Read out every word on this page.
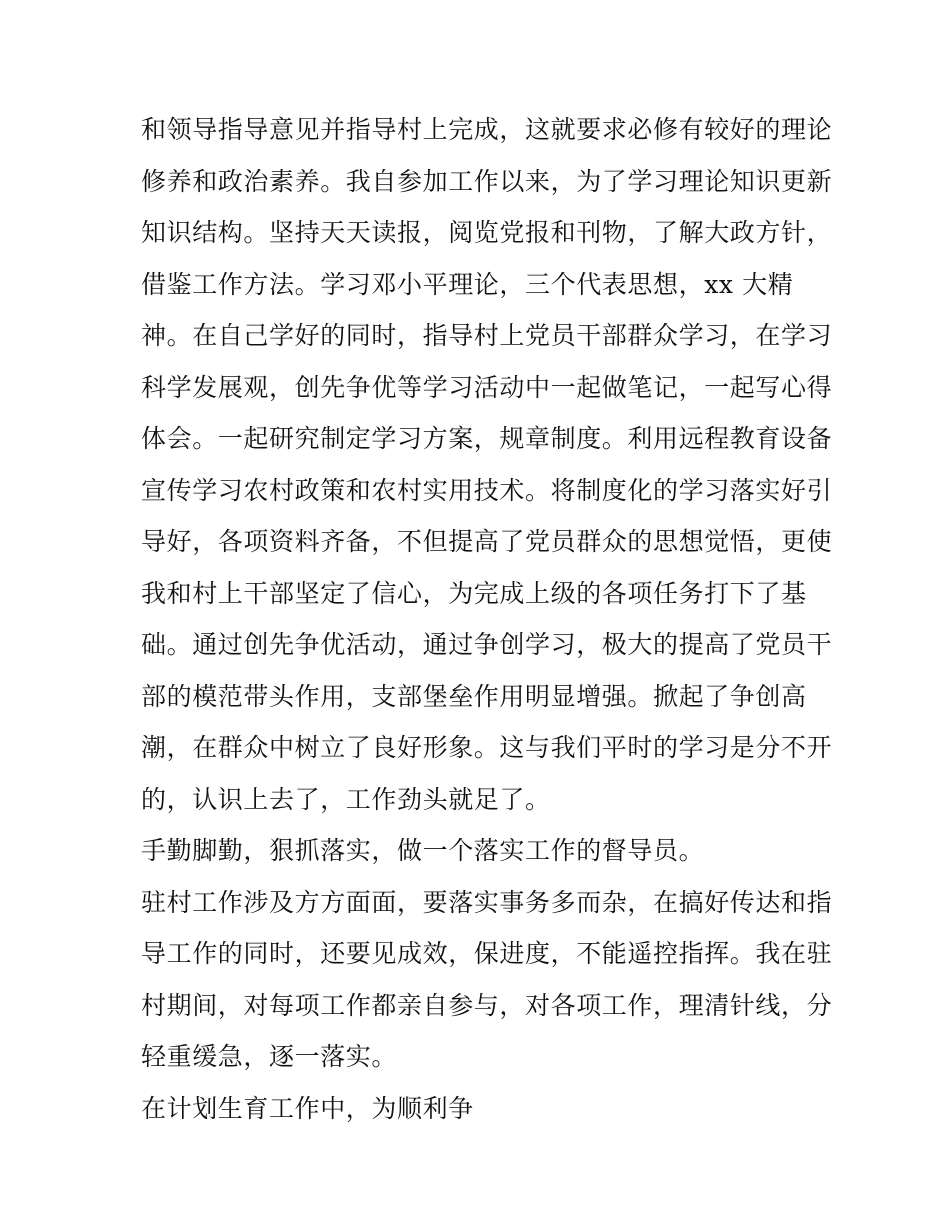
和领导指导意见并指导村上完成，这就要求必修有较好的理论
修养和政治素养。我自参加工作以来，为了学习理论知识更新
知识结构。坚持天天读报，阅览党报和刊物，了解大政方针，
借鉴工作方法。学习邓小平理论，三个代表思想，xx 大精
神。在自己学好的同时，指导村上党员干部群众学习，在学习
科学发展观，创先争优等学习活动中一起做笔记，一起写心得
体会。一起研究制定学习方案，规章制度。利用远程教育设备
宣传学习农村政策和农村实用技术。将制度化的学习落实好引
导好，各项资料齐备，不但提高了党员群众的思想觉悟，更使
我和村上干部坚定了信心，为完成上级的各项任务打下了基
础。通过创先争优活动，通过争创学习，极大的提高了党员干
部的模范带头作用，支部堡垒作用明显增强。掀起了争创高
潮，在群众中树立了良好形象。这与我们平时的学习是分不开
的，认识上去了，工作劲头就足了。
手勤脚勤，狠抓落实，做一个落实工作的督导员。
驻村工作涉及方方面面，要落实事务多而杂，在搞好传达和指
导工作的同时，还要见成效，保进度，不能遥控指挥。我在驻
村期间，对每项工作都亲自参与，对各项工作，理清针线，分
轻重缓急，逐一落实。
在计划生育工作中，为顺利争
